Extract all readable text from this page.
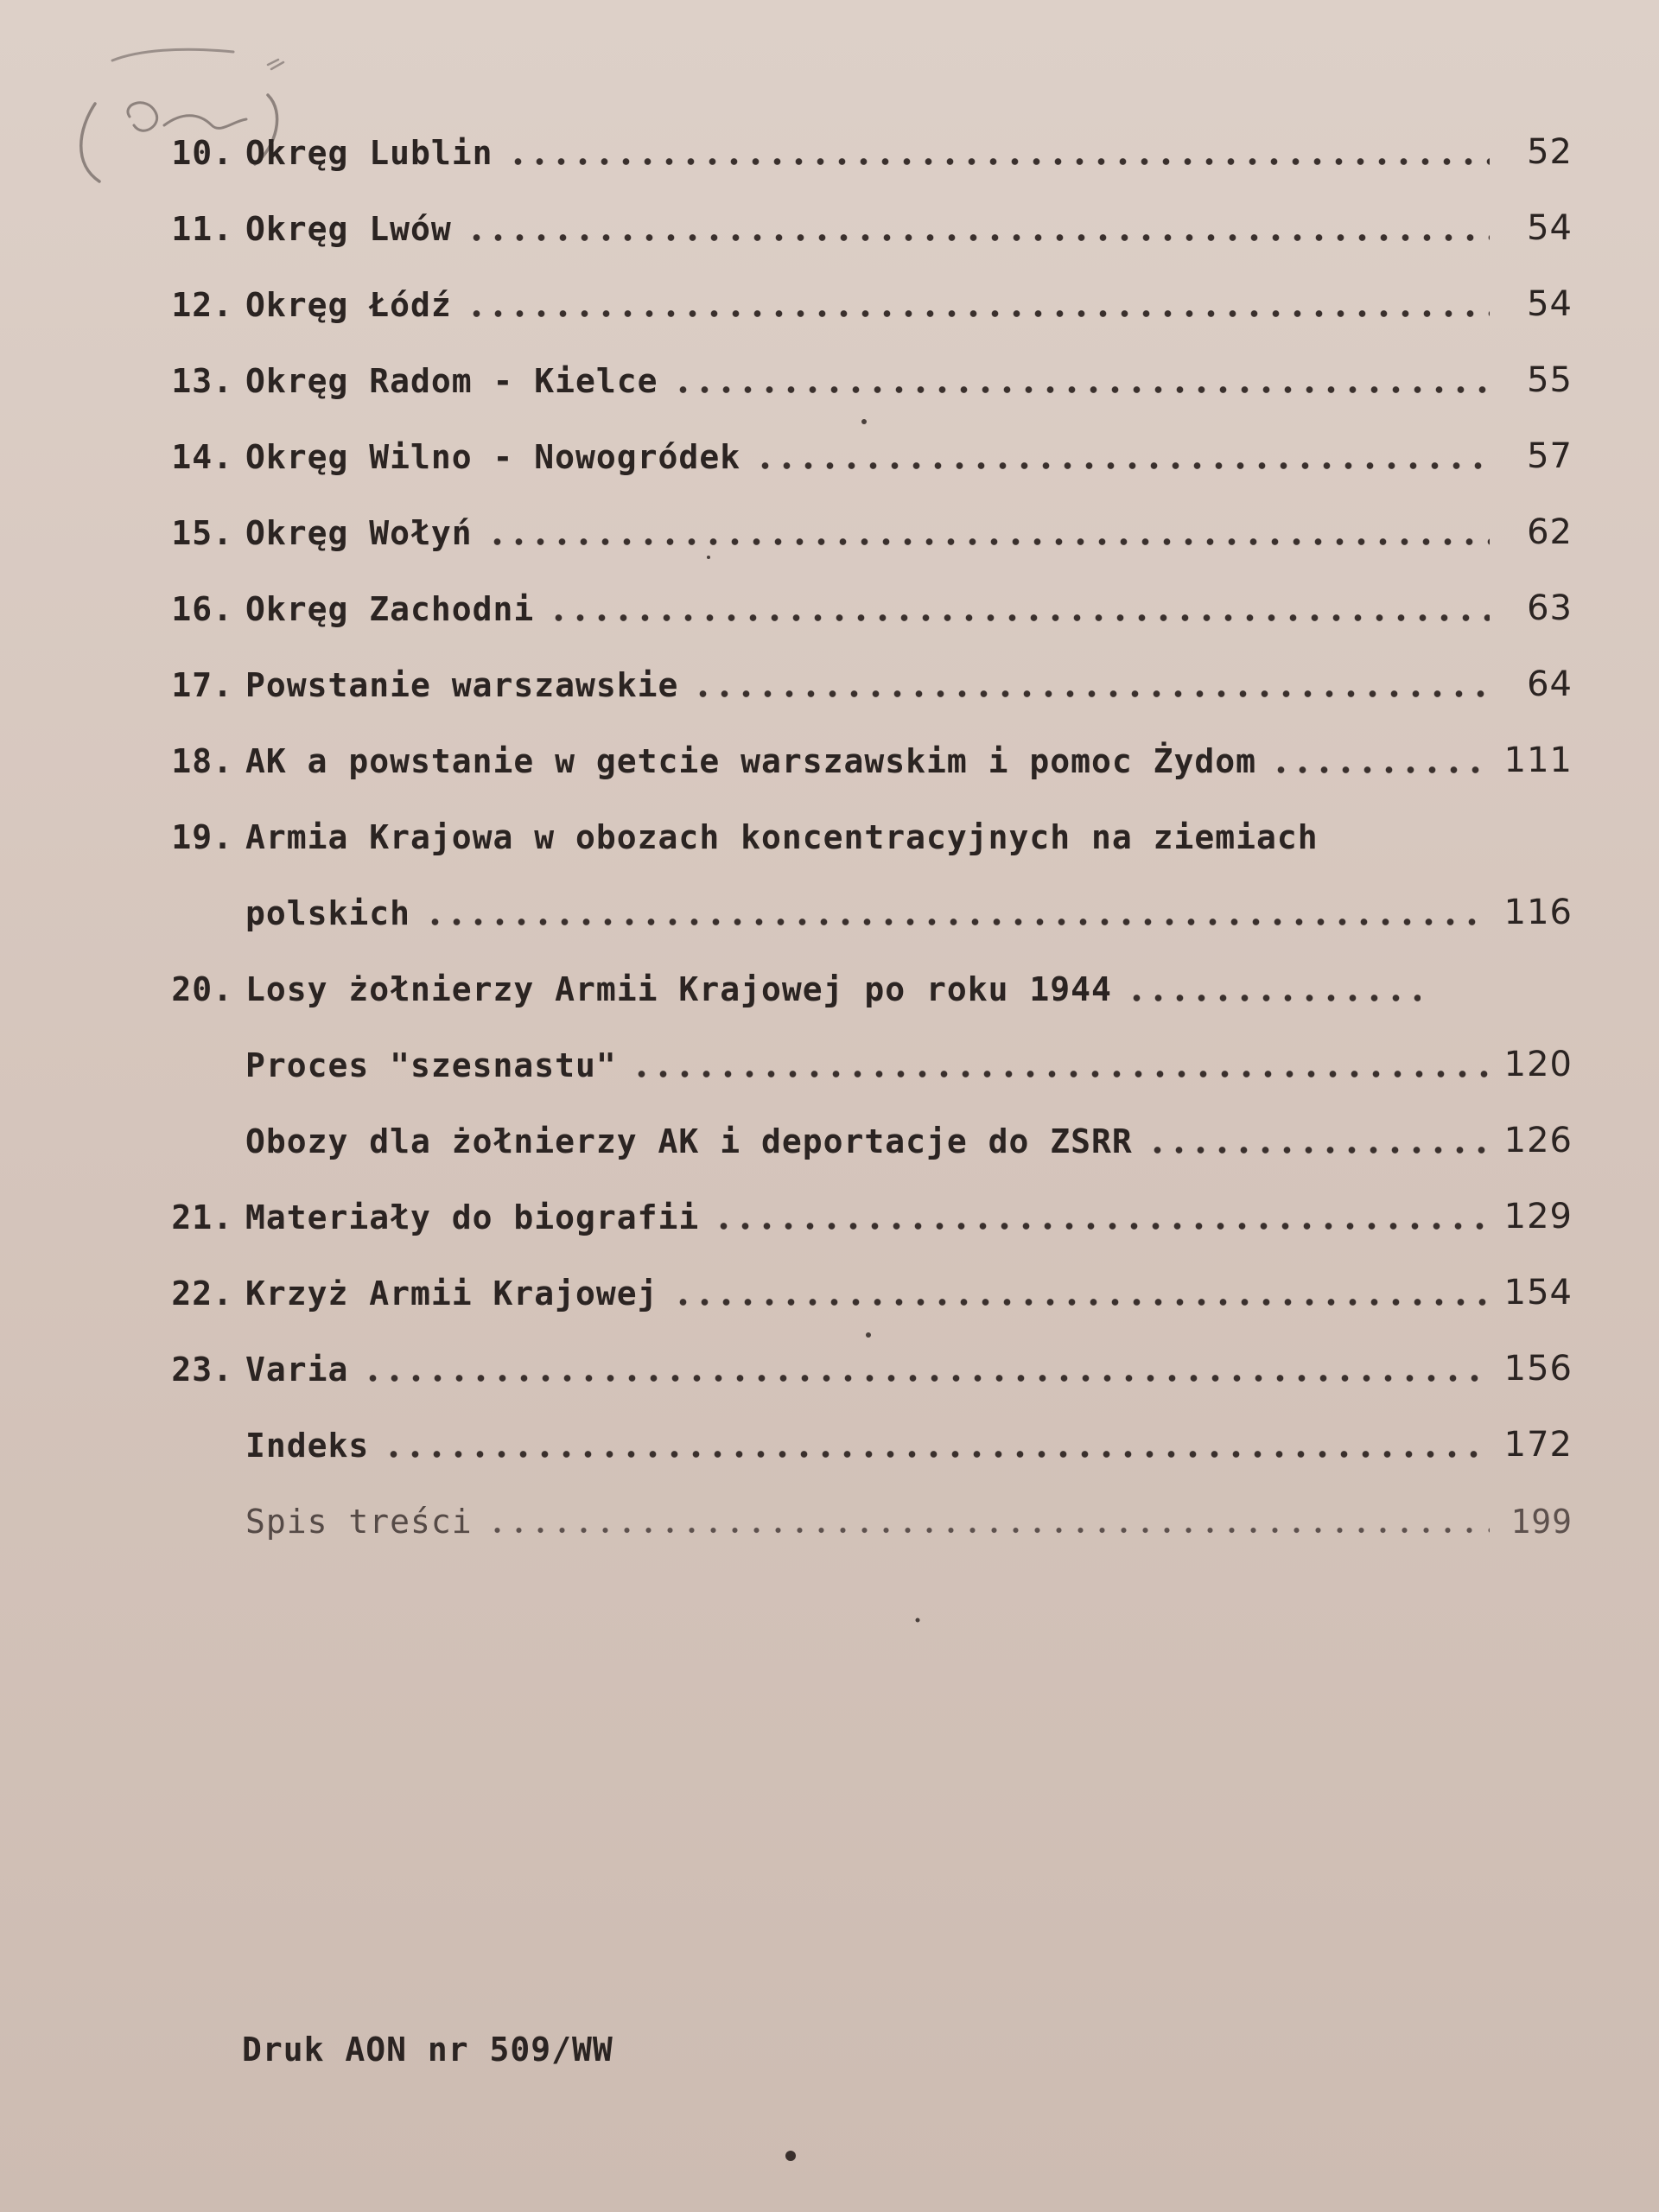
10. Okręg Lublin	52
11. Okręg Lwów	54
12. Okręg Łódź	54
13. Okręg Radom - Kielce	55
14. Okręg Wilno - Nowogródek	57
15. Okręg Wołyń	62
16. Okręg Zachodni	63
17. Powstanie warszawskie	64
18. AK a powstanie w getcie warszawskim i pomoc Żydom	111
19. Armia Krajowa w obozach koncentracyjnych na ziemiach
polskich	116
20. Losy żołnierzy Armii Krajowej po roku 1944
Proces "szesnastu"	120
Obozy dla żołnierzy AK i deportacje do ZSRR	126
21. Materiały do biografii	129
22. Krzyż Armii Krajowej	154
23. Varia	156
Indeks	172
Spis treści	199
Druk AON nr 509/WW
